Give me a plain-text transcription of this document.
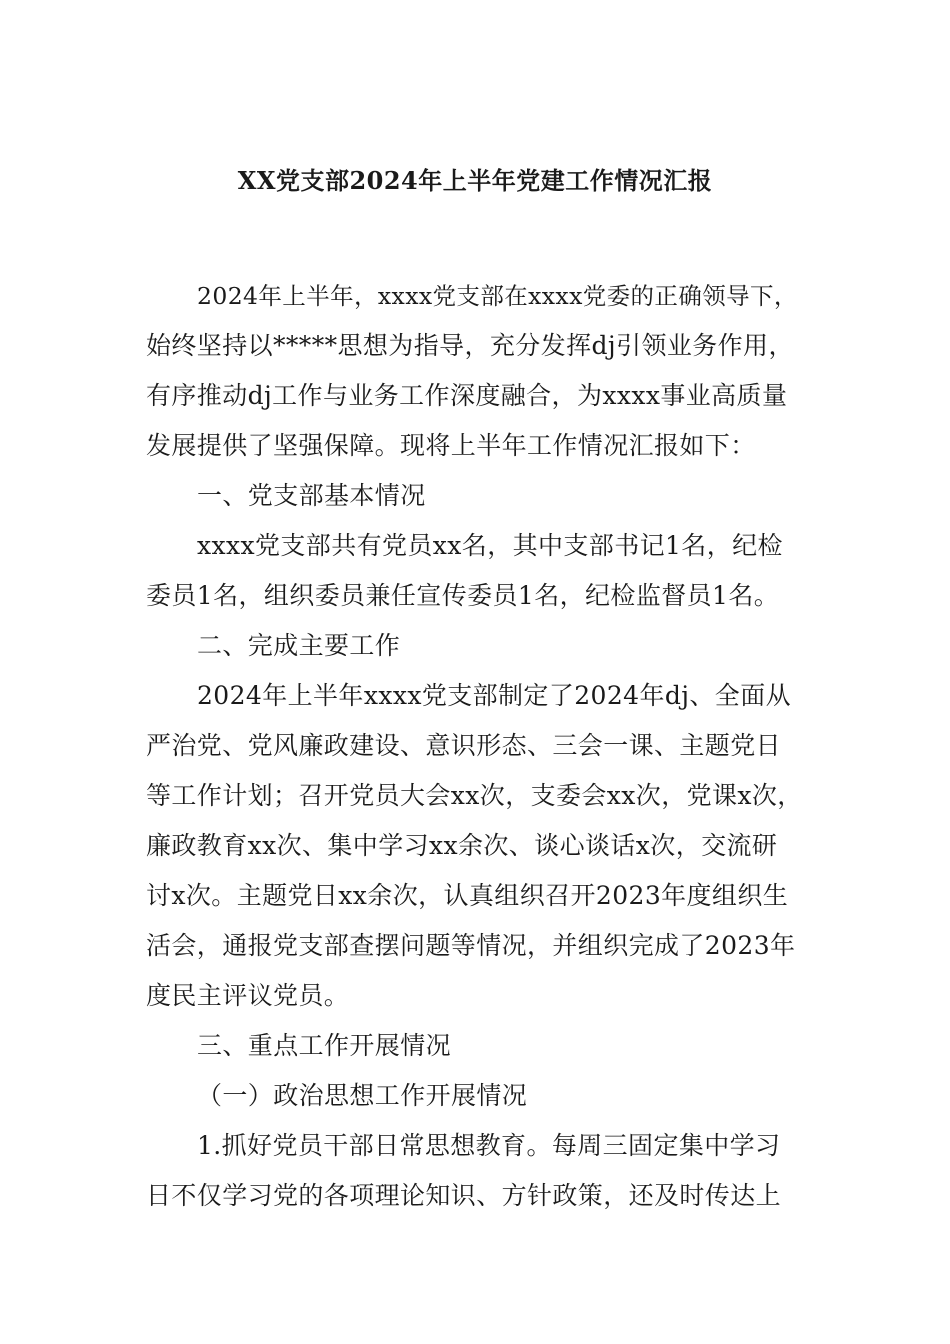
XX党支部2024年上半年党建工作情况汇报
2024年上半年，xxxx党支部在xxxx党委的正确领导下，
始终坚持以*****思想为指导，充分发挥dj引领业务作用，
有序推动dj工作与业务工作深度融合，为xxxx事业高质量
发展提供了坚强保障。现将上半年工作情况汇报如下：
一、党支部基本情况
xxxx党支部共有党员xx名，其中支部书记1名，纪检
委员1名，组织委员兼任宣传委员1名，纪检监督员1名。
二、完成主要工作
2024年上半年xxxx党支部制定了2024年dj、全面从
严治党、党风廉政建设、意识形态、三会一课、主题党日
等工作计划；召开党员大会xx次，支委会xx次，党课x次，
廉政教育xx次、集中学习xx余次、谈心谈话x次，交流研
讨x次。主题党日xx余次，认真组织召开2023年度组织生
活会，通报党支部查摆问题等情况，并组织完成了2023年
度民主评议党员。
三、重点工作开展情况
（一）政治思想工作开展情况
1.抓好党员干部日常思想教育。每周三固定集中学习
日不仅学习党的各项理论知识、方针政策，还及时传达上
